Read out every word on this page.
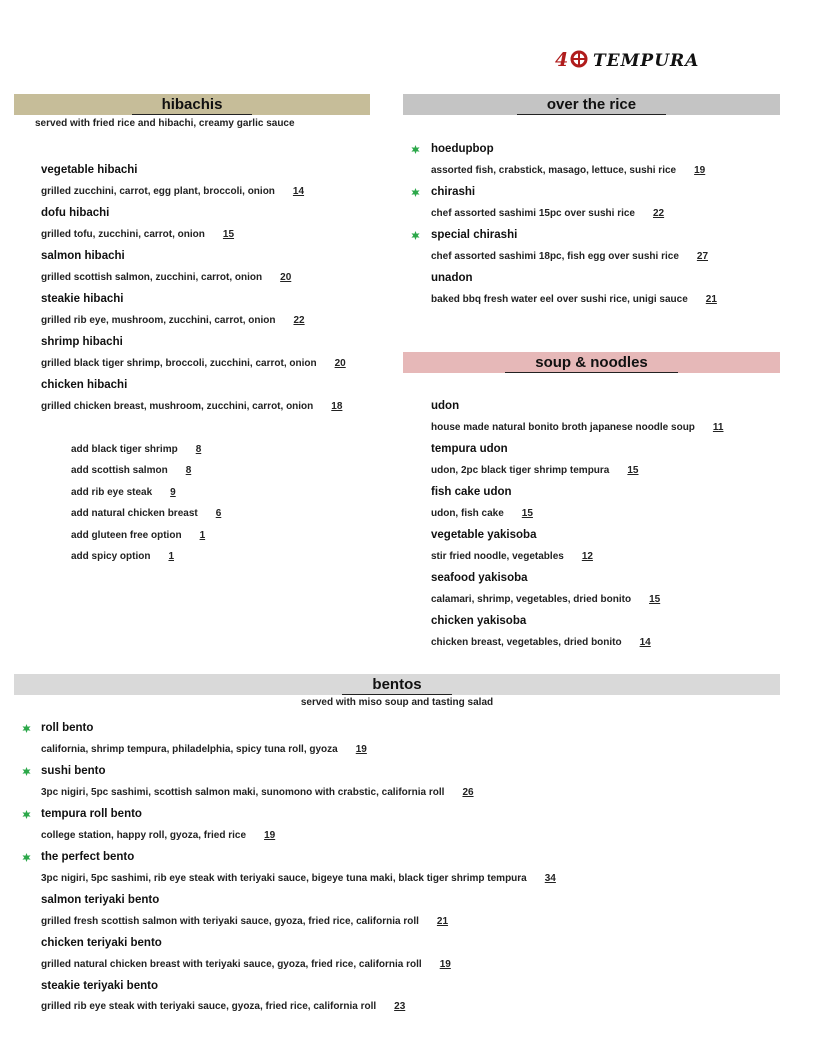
4 TEMPURA
hibachis
served with fried rice and hibachi, creamy garlic sauce
over the rice
soup & noodles
bentos
served with miso soup and tasting salad
vegetable hibachi
grilled zucchini, carrot, egg plant, broccoli, onion 14
dofu hibachi
grilled tofu, zucchini, carrot, onion 15
salmon hibachi
grilled scottish salmon, zucchini, carrot, onion 20
steakie hibachi
grilled rib eye, mushroom, zucchini, carrot, onion 22
shrimp hibachi
grilled black tiger shrimp, broccoli, zucchini, carrot, onion 20
chicken hibachi
grilled chicken breast, mushroom, zucchini, carrot, onion 18
add black tiger shrimp 8
add scottish salmon 8
add rib eye steak 9
add natural chicken breast 6
add gluteen free option 1
add spicy option 1
hoedupbop
assorted fish, crabstick, masago, lettuce, sushi rice 19
chirashi
chef assorted sashimi 15pc over sushi rice 22
special chirashi
chef assorted sashimi 18pc, fish egg over sushi rice 27
unadon
baked bbq fresh water eel over sushi rice, unigi sauce 21
udon
house made natural bonito broth japanese noodle soup 11
tempura udon
udon, 2pc black tiger shrimp tempura 15
fish cake udon
udon, fish cake 15
vegetable yakisoba
stir fried noodle, vegetables 12
seafood yakisoba
calamari, shrimp, vegetables, dried bonito 15
chicken yakisoba
chicken breast, vegetables, dried bonito 14
roll bento
california, shrimp tempura, philadelphia, spicy tuna roll, gyoza 19
sushi bento
3pc nigiri, 5pc sashimi, scottish salmon maki, sunomono with crabstic, california roll 26
tempura roll bento
college station, happy roll, gyoza, fried rice 19
the perfect bento
3pc nigiri, 5pc sashimi, rib eye steak with teriyaki sauce, bigeye tuna maki, black tiger shrimp tempura 34
salmon teriyaki bento
grilled fresh scottish salmon with teriyaki sauce, gyoza, fried rice, california roll 21
chicken teriyaki bento
grilled natural chicken breast with teriyaki sauce, gyoza, fried rice, california roll 19
steakie teriyaki bento
grilled rib eye steak with teriyaki sauce, gyoza, fried rice, california roll 23
